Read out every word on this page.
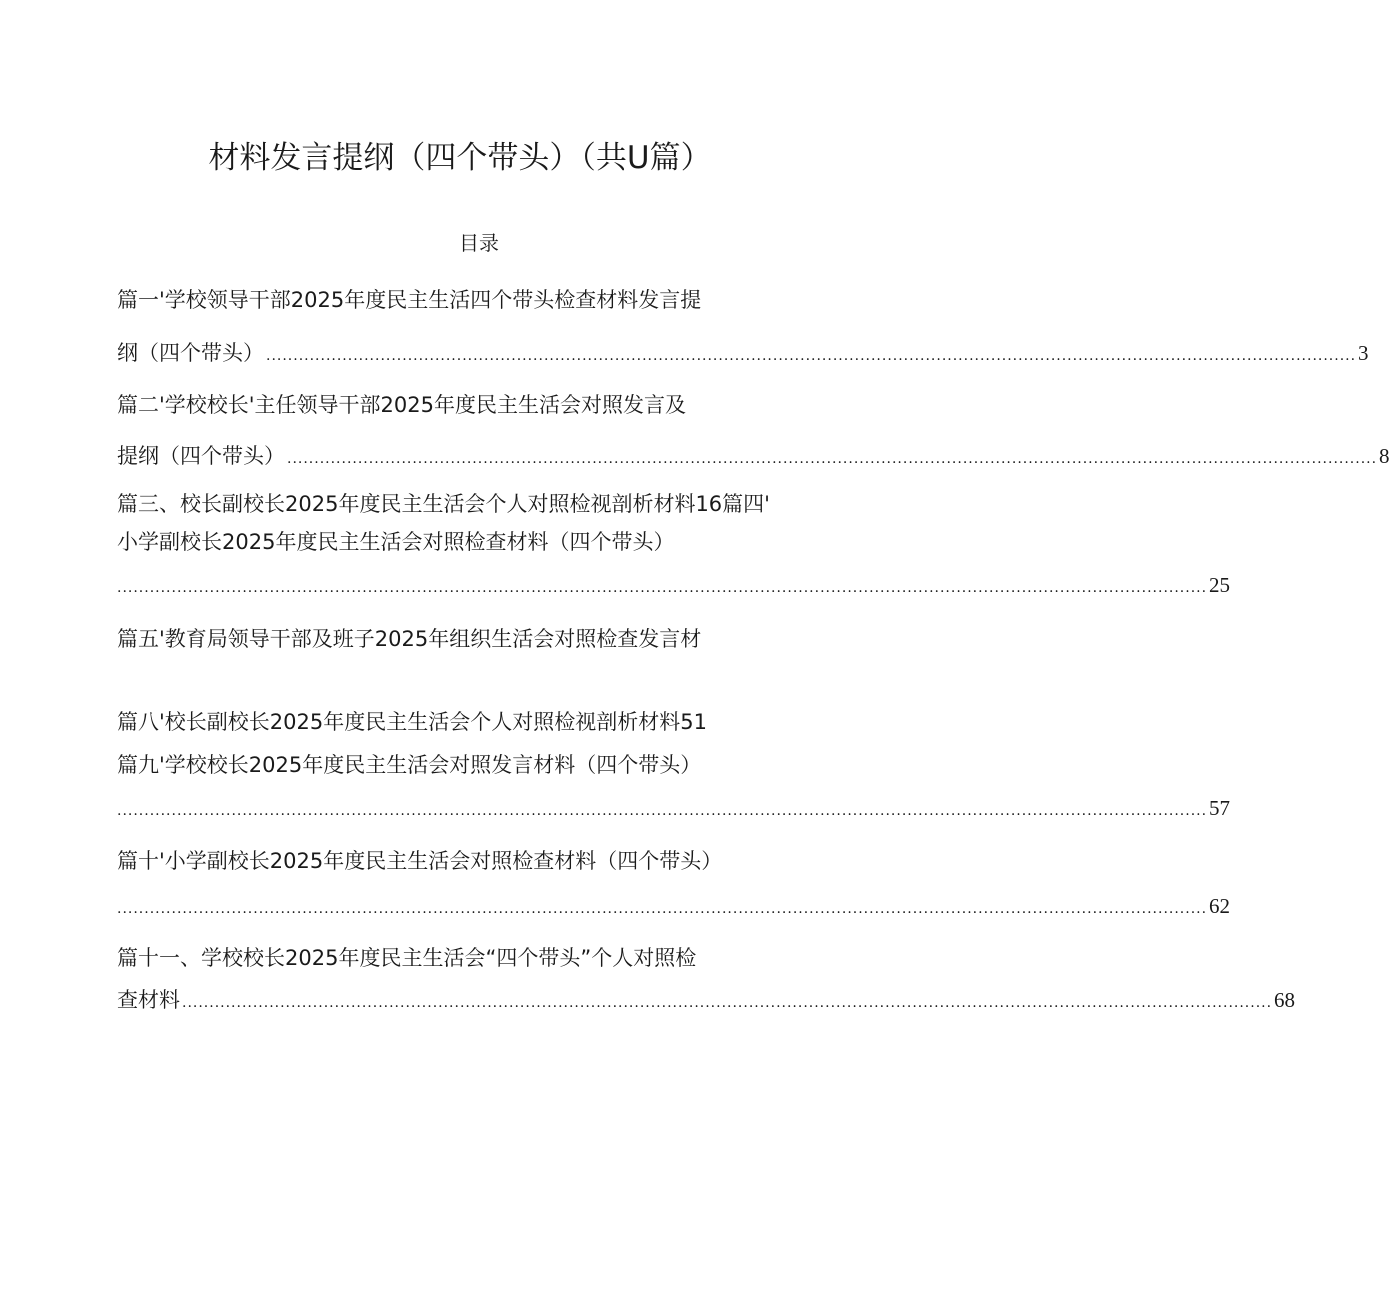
材料发言提纲（四个带头）（共U篇）
目录
篇一'学校领导干部2025年度民主生活四个带头检查材料发言提
纲（四个带头） ........................................................................................................................................................................................................ 3
篇二'学校校长'主任领导干部2025年度民主生活会对照发言及
提纲（四个带头） ........................................................................................................................................................................................................ 8
篇三、校长副校长2025年度民主生活会个人对照检视剖析材料16篇四'
小学副校长2025年度民主生活会对照检查材料（四个带头）
........................................................................................................................................................................................................ 25
篇五'教育局领导干部及班子2025年组织生活会对照检查发言材
篇八'校长副校长2025年度民主生活会个人对照检视剖析材料51
篇九'学校校长2025年度民主生活会对照发言材料（四个带头）
........................................................................................................................................................................................................ 57
篇十'小学副校长2025年度民主生活会对照检查材料（四个带头）
........................................................................................................................................................................................................ 62
篇十一、学校校长2025年度民主生活会“四个带头”个人对照检
查材料 ........................................................................................................................................................................................................ 68
